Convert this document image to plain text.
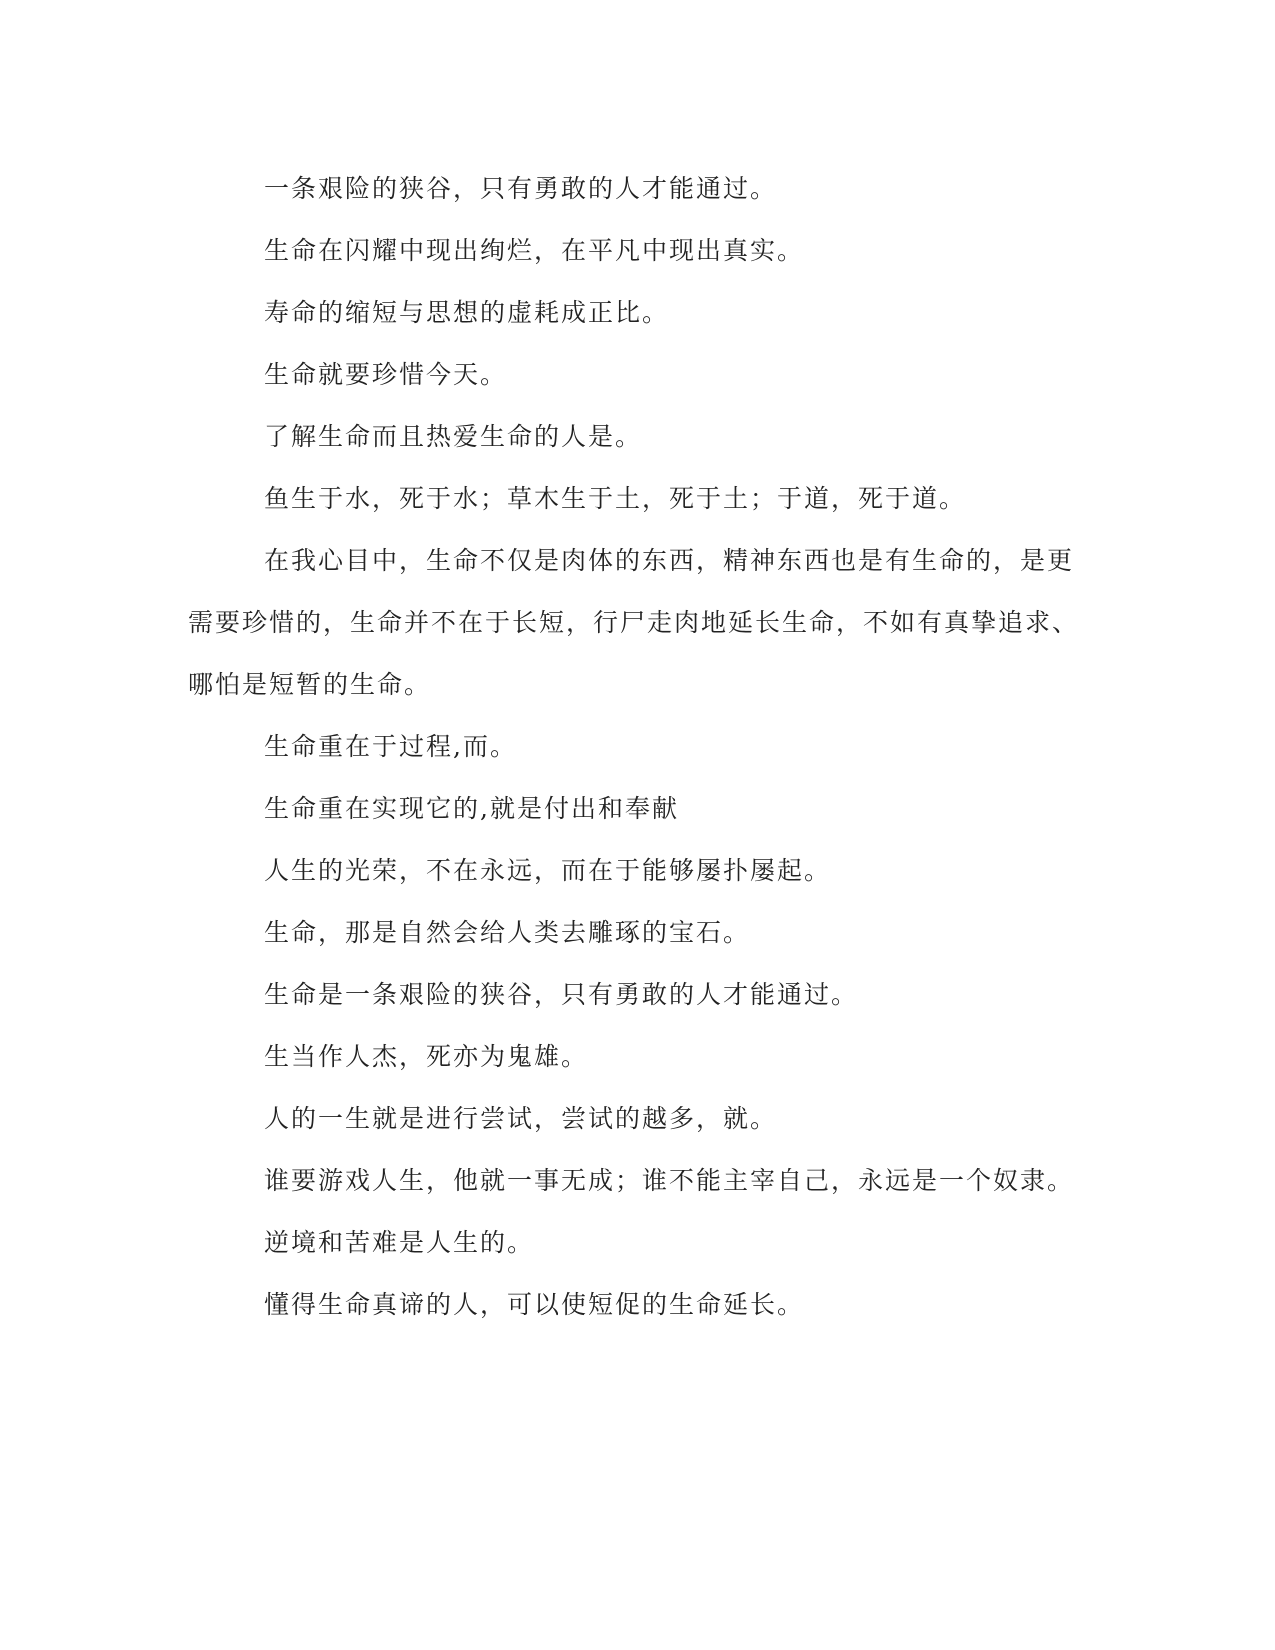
一条艰险的狭谷，只有勇敢的人才能通过。

生命在闪耀中现出绚烂，在平凡中现出真实。

寿命的缩短与思想的虚耗成正比。

生命就要珍惜今天。

了解生命而且热爱生命的人是。

鱼生于水，死于水；草木生于土，死于土；于道，死于道。

在我心目中，生命不仅是肉体的东西，精神东西也是有生命的，是更需要珍惜的，生命并不在于长短，行尸走肉地延长生命，不如有真挚追求、哪怕是短暂的生命。

生命重在于过程,而。

生命重在实现它的,就是付出和奉献

人生的光荣，不在永远，而在于能够屡扑屡起。

生命，那是自然会给人类去雕琢的宝石。

生命是一条艰险的狭谷，只有勇敢的人才能通过。

生当作人杰，死亦为鬼雄。

人的一生就是进行尝试，尝试的越多，就。

谁要游戏人生，他就一事无成；谁不能主宰自己，永远是一个奴隶。

逆境和苦难是人生的。

懂得生命真谛的人，可以使短促的生命延长。
